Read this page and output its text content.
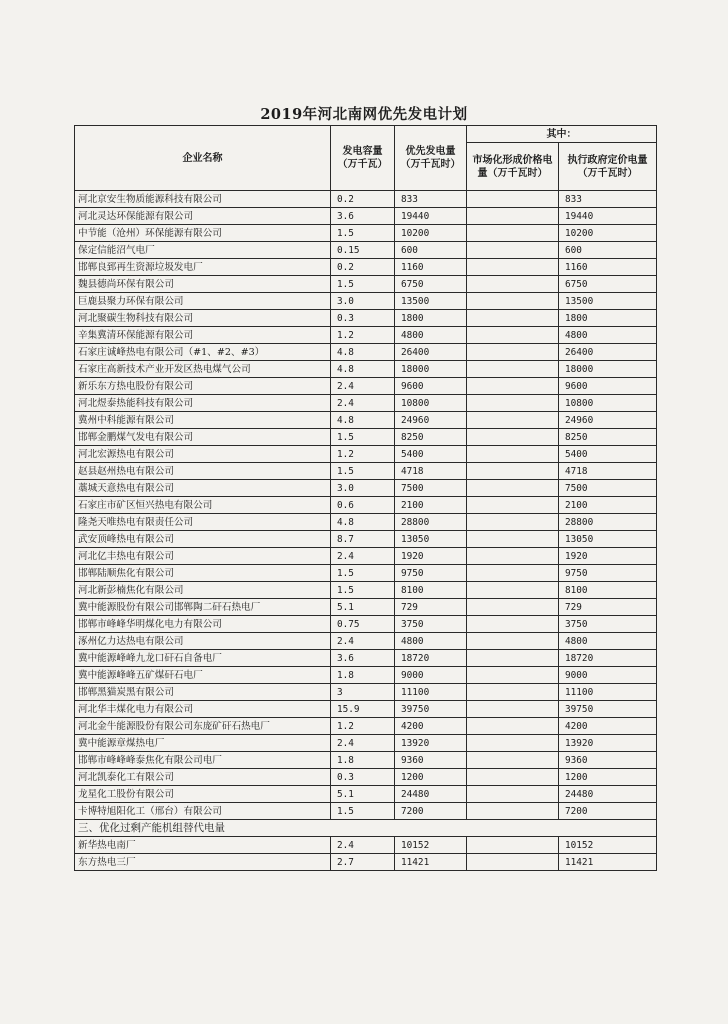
2019年河北南网优先发电计划
企业名称	发电容量（万千瓦）	优先发电量（万千瓦时）	其中：	
			市场化形成价格电量（万千瓦时）	执行政府定价电量（万千瓦时）
河北京安生物质能源科技有限公司	0.2	833		833
河北灵达环保能源有限公司	3.6	19440		19440
中节能（沧州）环保能源有限公司	1.5	10200		10200
保定信能沼气电厂	0.15	600		600
邯郸良郅再生资源垃圾发电厂	0.2	1160		1160
魏县德尚环保有限公司	1.5	6750		6750
巨鹿县聚力环保有限公司	3.0	13500		13500
河北聚碳生物科技有限公司	0.3	1800		1800
辛集冀清环保能源有限公司	1.2	4800		4800
石家庄诚峰热电有限公司（#1、#2、#3）	4.8	26400		26400
石家庄高新技术产业开发区热电煤气公司	4.8	18000		18000
新乐东方热电股份有限公司	2.4	9600		9600
河北煜泰热能科技有限公司	2.4	10800		10800
冀州中科能源有限公司	4.8	24960		24960
邯郸金鹏煤气发电有限公司	1.5	8250		8250
河北宏源热电有限公司	1.2	5400		5400
赵县赵州热电有限公司	1.5	4718		4718
藁城天意热电有限公司	3.0	7500		7500
石家庄市矿区恒兴热电有限公司	0.6	2100		2100
隆尧天唯热电有限责任公司	4.8	28800		28800
武安顶峰热电有限公司	8.7	13050		13050
河北亿丰热电有限公司	2.4	1920		1920
邯郸陆顺焦化有限公司	1.5	9750		9750
河北新彭楠焦化有限公司	1.5	8100		8100
冀中能源股份有限公司邯郸陶二矸石热电厂	5.1	729		729
邯郸市峰峰华明煤化电力有限公司	0.75	3750		3750
涿州亿力达热电有限公司	2.4	4800		4800
冀中能源峰峰九龙口矸石自备电厂	3.6	18720		18720
冀中能源峰峰五矿煤矸石电厂	1.8	9000		9000
邯郸黑猫炭黑有限公司	3	11100		11100
河北华丰煤化电力有限公司	15.9	39750		39750
河北金牛能源股份有限公司东庞矿矸石热电厂	1.2	4200		4200
冀中能源章煤热电厂	2.4	13920		13920
邯郸市峰峰峰泰焦化有限公司电厂	1.8	9360		9360
河北凯泰化工有限公司	0.3	1200		1200
龙星化工股份有限公司	5.1	24480		24480
卡博特旭阳化工（邢台）有限公司	1.5	7200		7200
三、优化过剩产能机组替代电量				
新华热电南厂	2.4	10152		10152
东方热电三厂	2.7	11421		11421
